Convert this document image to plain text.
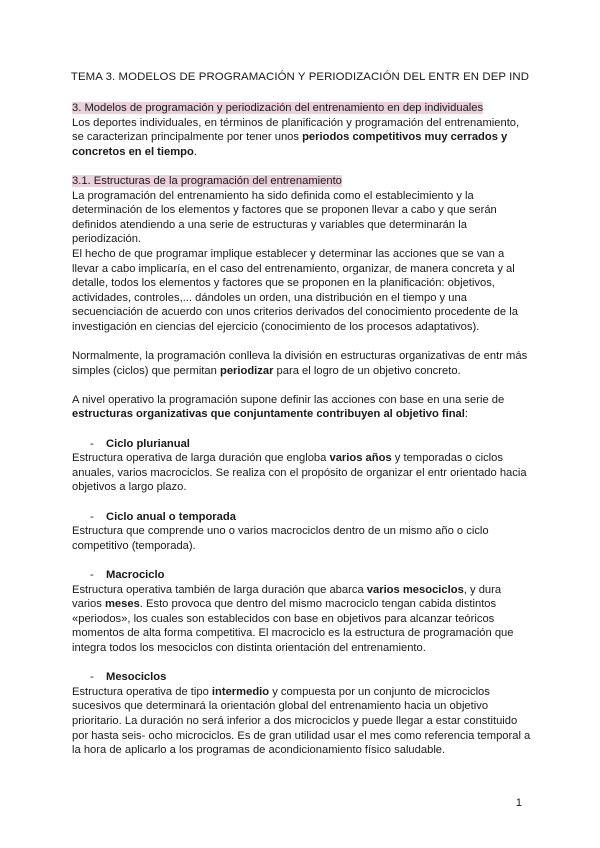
TEMA 3. MODELOS DE PROGRAMACIÓN Y PERIODIZACIÓN DEL ENTR EN DEP IND

3. Modelos de programación y periodización del entrenamiento en dep individuales

Los deportes individuales, en términos de planificación y programación del entrenamiento, se caracterizan principalmente por tener unos periodos competitivos muy cerrados y concretos en el tiempo.

3.1. Estructuras de la programación del entrenamiento

La programación del entrenamiento ha sido definida como el establecimiento y la determinación de los elementos y factores que se proponen llevar a cabo y que serán definidos atendiendo a una serie de estructuras y variables que determinarán la periodización.

El hecho de que programar implique establecer y determinar las acciones que se van a llevar a cabo implicaría, en el caso del entrenamiento, organizar, de manera concreta y al detalle, todos los elementos y factores que se proponen en la planificación: objetivos, actividades, controles,... dándoles un orden, una distribución en el tiempo y una secuenciación de acuerdo con unos criterios derivados del conocimiento procedente de la investigación en ciencias del ejercicio (conocimiento de los procesos adaptativos).

Normalmente, la programación conlleva la división en estructuras organizativas de entr más simples (ciclos) que permitan periodizar para el logro de un objetivo concreto.

A nivel operativo la programación supone definir las acciones con base en una serie de estructuras organizativas que conjuntamente contribuyen al objetivo final:

-	Ciclo plurianual

Estructura operativa de larga duración que engloba varios años y temporadas o ciclos anuales, varios macrociclos. Se realiza con el propósito de organizar el entr orientado hacia objetivos a largo plazo.

-	Ciclo anual o temporada

Estructura que comprende uno o varios macrociclos dentro de un mismo año o ciclo competitivo (temporada).

-	Macrociclo

Estructura operativa también de larga duración que abarca varios mesociclos, y dura varios meses. Esto provoca que dentro del mismo macrociclo tengan cabida distintos «periodos», los cuales son establecidos con base en objetivos para alcanzar teóricos momentos de alta forma competitiva. El macrociclo es la estructura de programación que integra todos los mesociclos con distinta orientación del entrenamiento.

-	Mesociclos

Estructura operativa de tipo intermedio y compuesta por un conjunto de microciclos sucesivos que determinará la orientación global del entrenamiento hacia un objetivo prioritario. La duración no será inferior a dos microciclos y puede llegar a estar constituido por hasta seis- ocho microciclos. Es de gran utilidad usar el mes como referencia temporal a la hora de aplicarlo a los programas de acondicionamiento físico saludable.

1
